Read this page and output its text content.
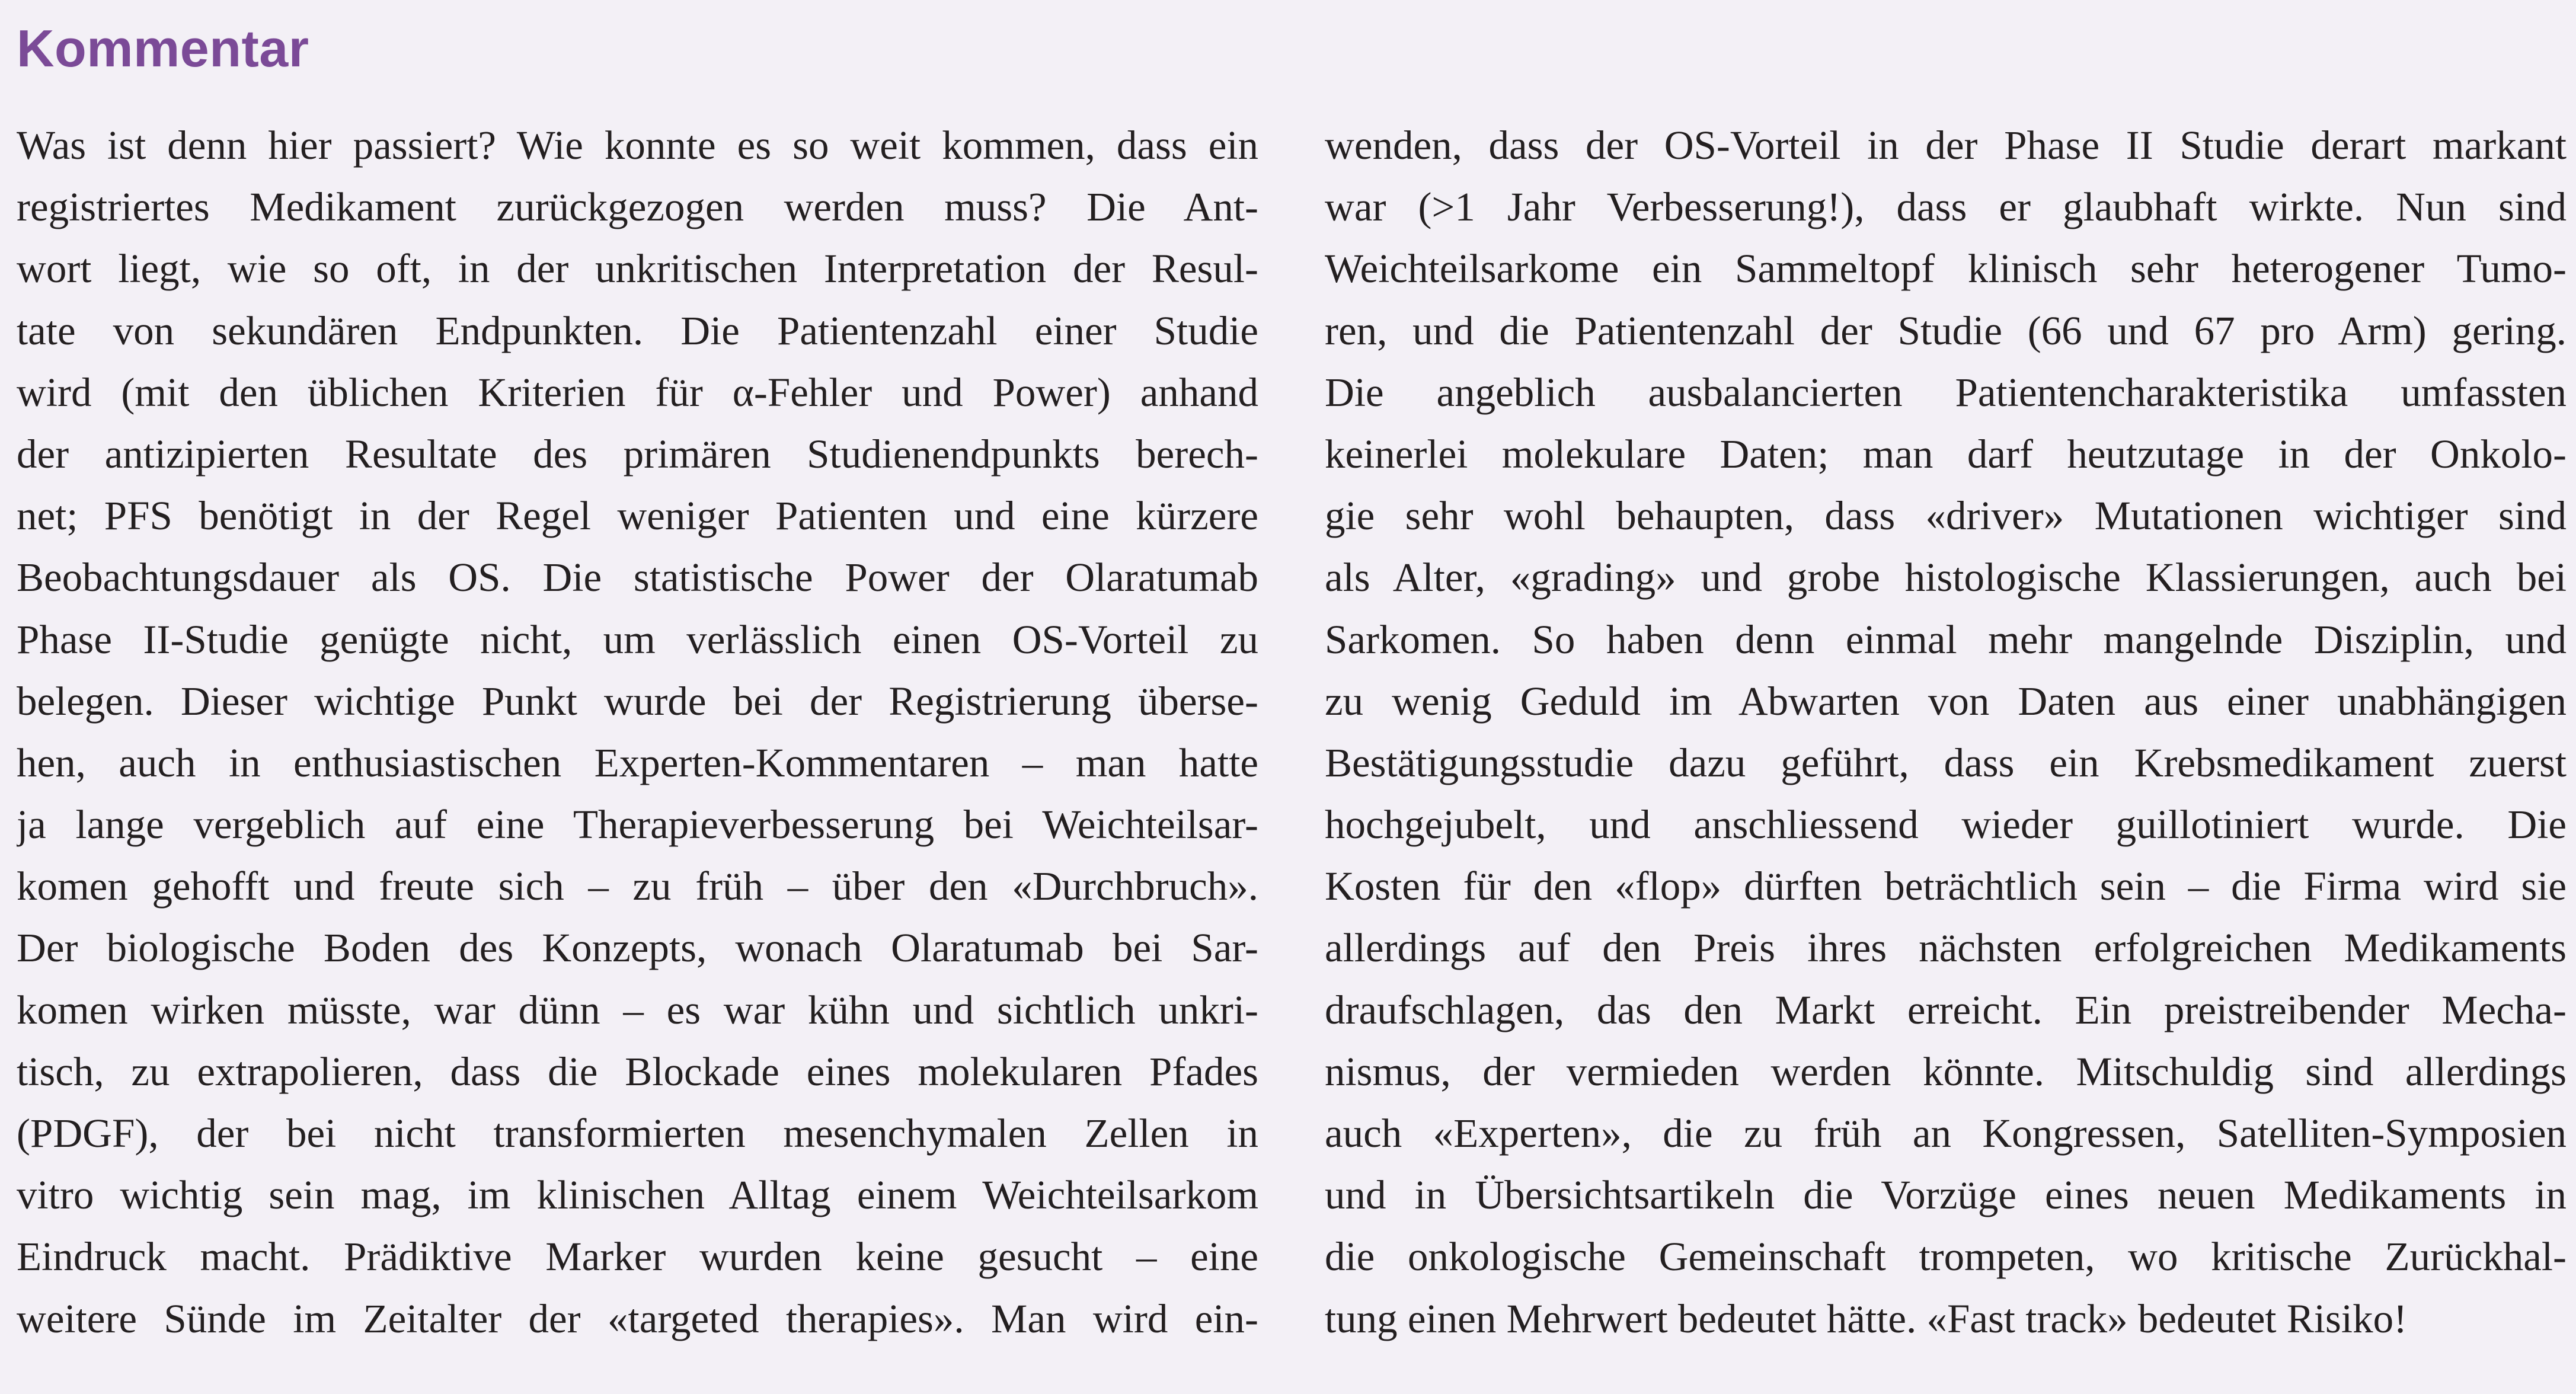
Kommentar
Was ist denn hier passiert? Wie konnte es so weit kommen, dass ein
registriertes Medikament zurückgezogen werden muss? Die Ant-
wort liegt, wie so oft, in der unkritischen Interpretation der Resul-
tate von sekundären Endpunkten. Die Patientenzahl einer Studie
wird (mit den üblichen Kriterien für α-Fehler und Power) anhand
der antizipierten Resultate des primären Studienendpunkts berech-
net; PFS benötigt in der Regel weniger Patienten und eine kürzere
Beobachtungsdauer als OS. Die statistische Power der Olaratumab
Phase II-Studie genügte nicht, um verlässlich einen OS-Vorteil zu
belegen. Dieser wichtige Punkt wurde bei der Registrierung überse-
hen, auch in enthusiastischen Experten-Kommentaren – man hatte
ja lange vergeblich auf eine Therapieverbesserung bei Weichteilsar-
komen gehofft und freute sich – zu früh – über den «Durchbruch».
Der biologische Boden des Konzepts, wonach Olaratumab bei Sar-
komen wirken müsste, war dünn – es war kühn und sichtlich unkri-
tisch, zu extrapolieren, dass die Blockade eines molekularen Pfades
(PDGF), der bei nicht transformierten mesenchymalen Zellen in
vitro wichtig sein mag, im klinischen Alltag einem Weichteilsarkom
Eindruck macht. Prädiktive Marker wurden keine gesucht – eine
weitere Sünde im Zeitalter der «targeted therapies». Man wird ein-
wenden, dass der OS-Vorteil in der Phase II Studie derart markant
war (>1 Jahr Verbesserung!), dass er glaubhaft wirkte. Nun sind
Weichteilsarkome ein Sammeltopf klinisch sehr heterogener Tumo-
ren, und die Patientenzahl der Studie (66 und 67 pro Arm) gering.
Die angeblich ausbalancierten Patientencharakteristika umfassten
keinerlei molekulare Daten; man darf heutzutage in der Onkolo-
gie sehr wohl behaupten, dass «driver» Mutationen wichtiger sind
als Alter, «grading» und grobe histologische Klassierungen, auch bei
Sarkomen. So haben denn einmal mehr mangelnde Disziplin, und
zu wenig Geduld im Abwarten von Daten aus einer unabhängigen
Bestätigungsstudie dazu geführt, dass ein Krebsmedikament zuerst
hochgejubelt, und anschliessend wieder guillotiniert wurde. Die
Kosten für den «flop» dürften beträchtlich sein – die Firma wird sie
allerdings auf den Preis ihres nächsten erfolgreichen Medikaments
draufschlagen, das den Markt erreicht. Ein preistreibender Mecha-
nismus, der vermieden werden könnte. Mitschuldig sind allerdings
auch «Experten», die zu früh an Kongressen, Satelliten-Symposien
und in Übersichtsartikeln die Vorzüge eines neuen Medikaments in
die onkologische Gemeinschaft trompeten, wo kritische Zurückhal-
tung einen Mehrwert bedeutet hätte. «Fast track» bedeutet Risiko!
